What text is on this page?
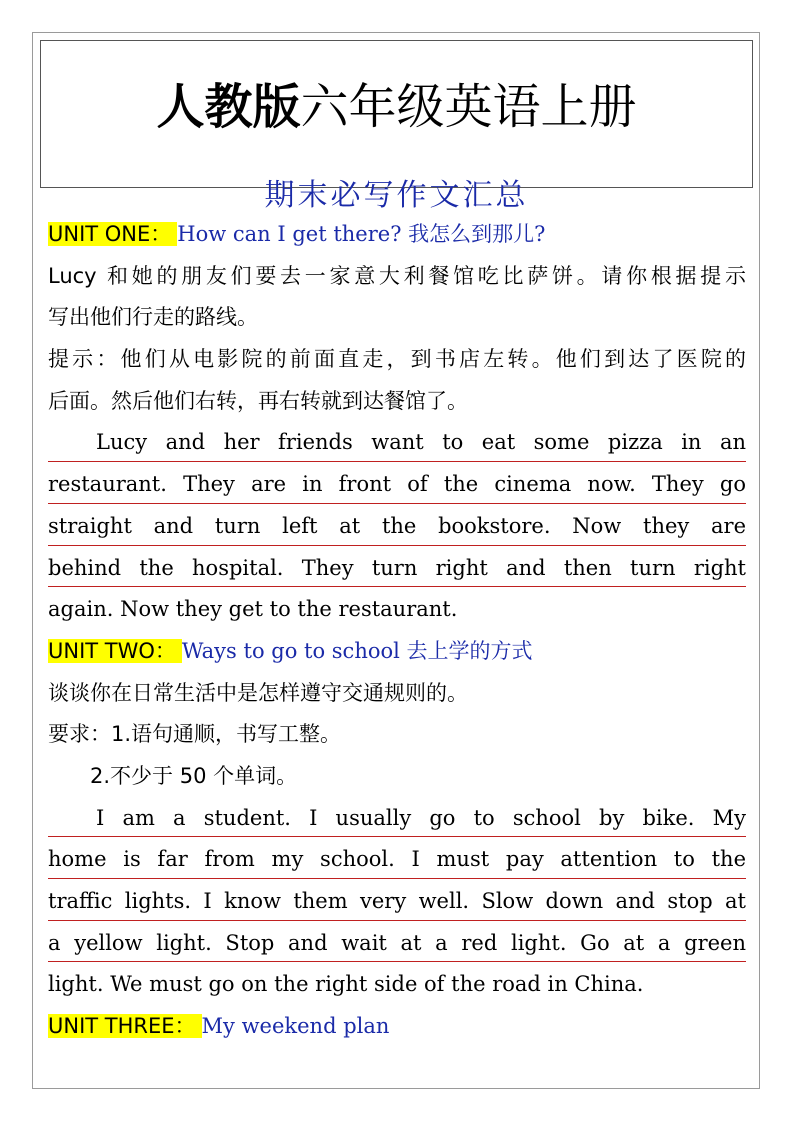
人教版六年级英语上册
期末必写作文汇总
UNIT ONE： How can I get there? 我怎么到那儿?
Lucy 和她的朋友们要去一家意大利餐馆吃比萨饼。请你根据提示
写出他们行走的路线。
提示：他们从电影院的前面直走，到书店左转。他们到达了医院的
后面。然后他们右转，再右转就到达餐馆了。
Lucy and her friends want to eat some pizza in an
restaurant. They are in front of the cinema now. They go
straight and turn left at the bookstore. Now they are
behind the hospital. They turn right and then turn right
again. Now they get to the restaurant.
UNIT TWO： Ways to go to school 去上学的方式
谈谈你在日常生活中是怎样遵守交通规则的。
要求：1.语句通顺，书写工整。
2.不少于 50 个单词。
I am a student. I usually go to school by bike. My
home is far from my school. I must pay attention to the
traffic lights. I know them very well. Slow down and stop at
a yellow light. Stop and wait at a red light. Go at a green
light. We must go on the right side of the road in China.
UNIT THREE： My weekend plan
